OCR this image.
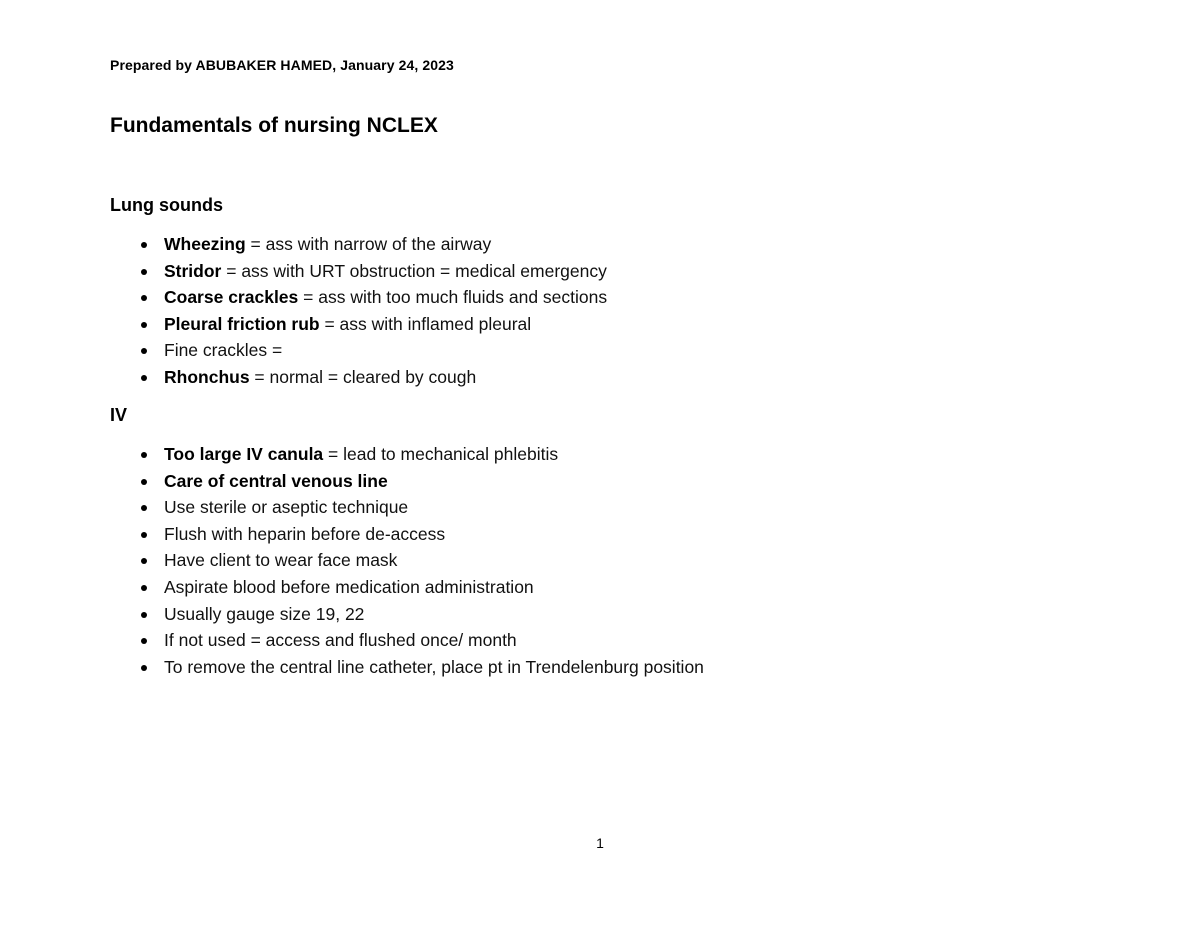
Prepared by ABUBAKER HAMED, January 24, 2023

Fundamentals of nursing NCLEX
Lung sounds
Wheezing = ass with narrow of the airway
Stridor = ass with URT obstruction = medical emergency
Coarse crackles = ass with too much fluids and sections
Pleural friction rub = ass with inflamed pleural
Fine crackles =
Rhonchus = normal = cleared by cough
IV
Too large IV canula = lead to mechanical phlebitis
Care of central venous line
Use sterile or aseptic technique
Flush with heparin before de-access
Have client to wear face mask
Aspirate blood before medication administration
Usually gauge size 19, 22
If not used = access and flushed once/ month
To remove the central line catheter, place pt in Trendelenburg position
1
